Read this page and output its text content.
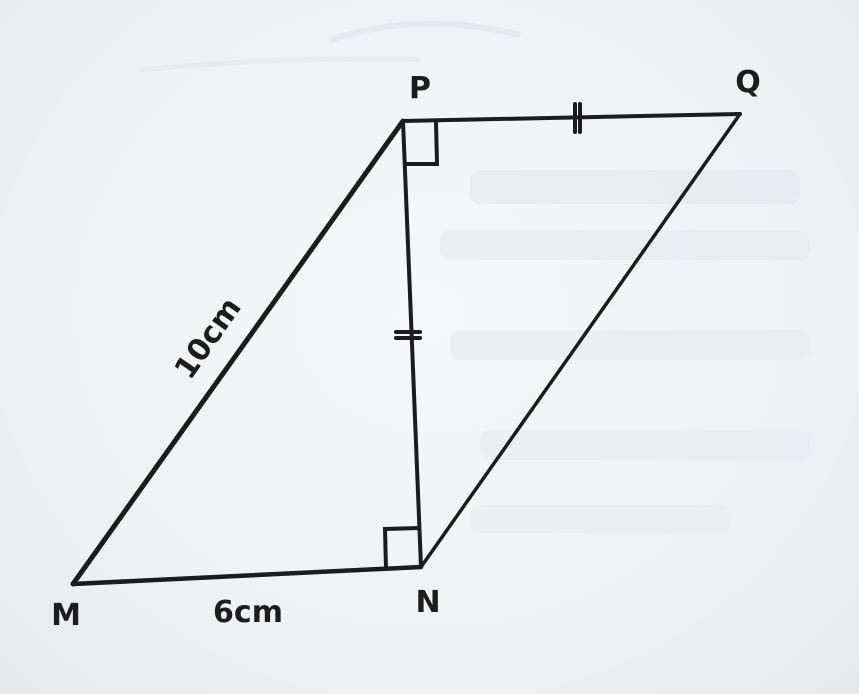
P	Q
M	N
10cm
6cm
